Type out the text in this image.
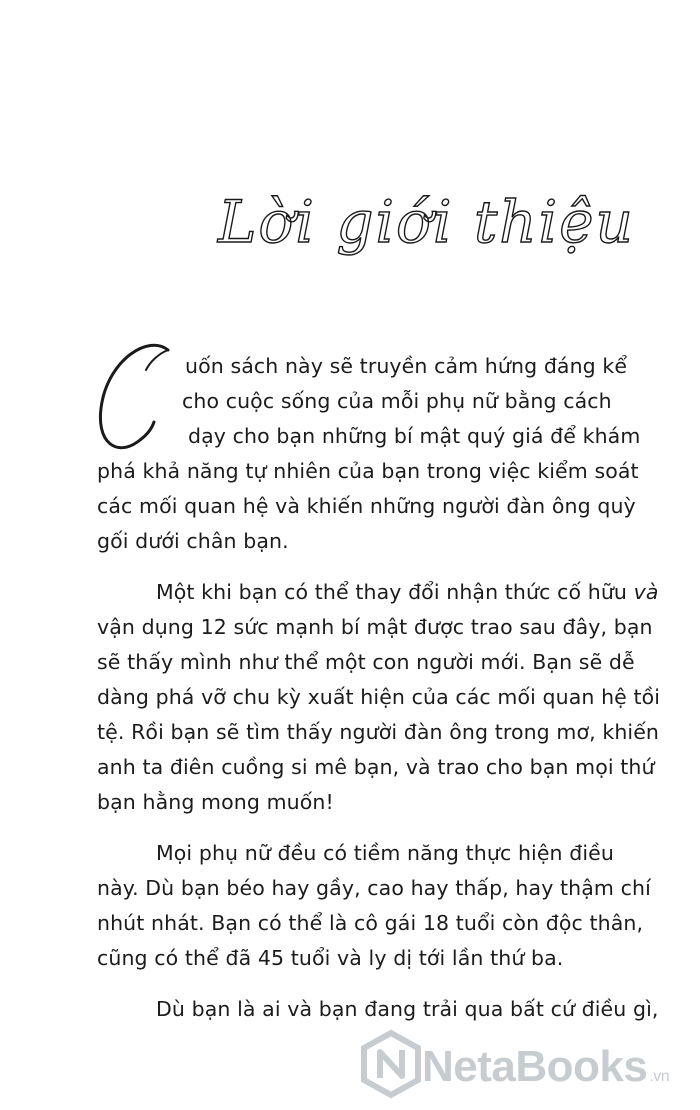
Lời giới thiệu
uốn sách này sẽ truyền cảm hứng đáng kể
cho cuộc sống của mỗi phụ nữ bằng cách
dạy cho bạn những bí mật quý giá để khám
phá khả năng tự nhiên của bạn trong việc kiểm soát
các mối quan hệ và khiến những người đàn ông quỳ
gối dưới chân bạn.
Một khi bạn có thể thay đổi nhận thức cố hữu và
vận dụng 12 sức mạnh bí mật được trao sau đây, bạn
sẽ thấy mình như thể một con người mới. Bạn sẽ dễ
dàng phá vỡ chu kỳ xuất hiện của các mối quan hệ tồi
tệ. Rồi bạn sẽ tìm thấy người đàn ông trong mơ, khiến
anh ta điên cuồng si mê bạn, và trao cho bạn mọi thứ
bạn hằng mong muốn!
Mọi phụ nữ đều có tiềm năng thực hiện điều
này. Dù bạn béo hay gầy, cao hay thấp, hay thậm chí
nhút nhát. Bạn có thể là cô gái 18 tuổi còn độc thân,
cũng có thể đã 45 tuổi và ly dị tới lần thứ ba.
Dù bạn là ai và bạn đang trải qua bất cứ điều gì,
NetaBooks .vn
